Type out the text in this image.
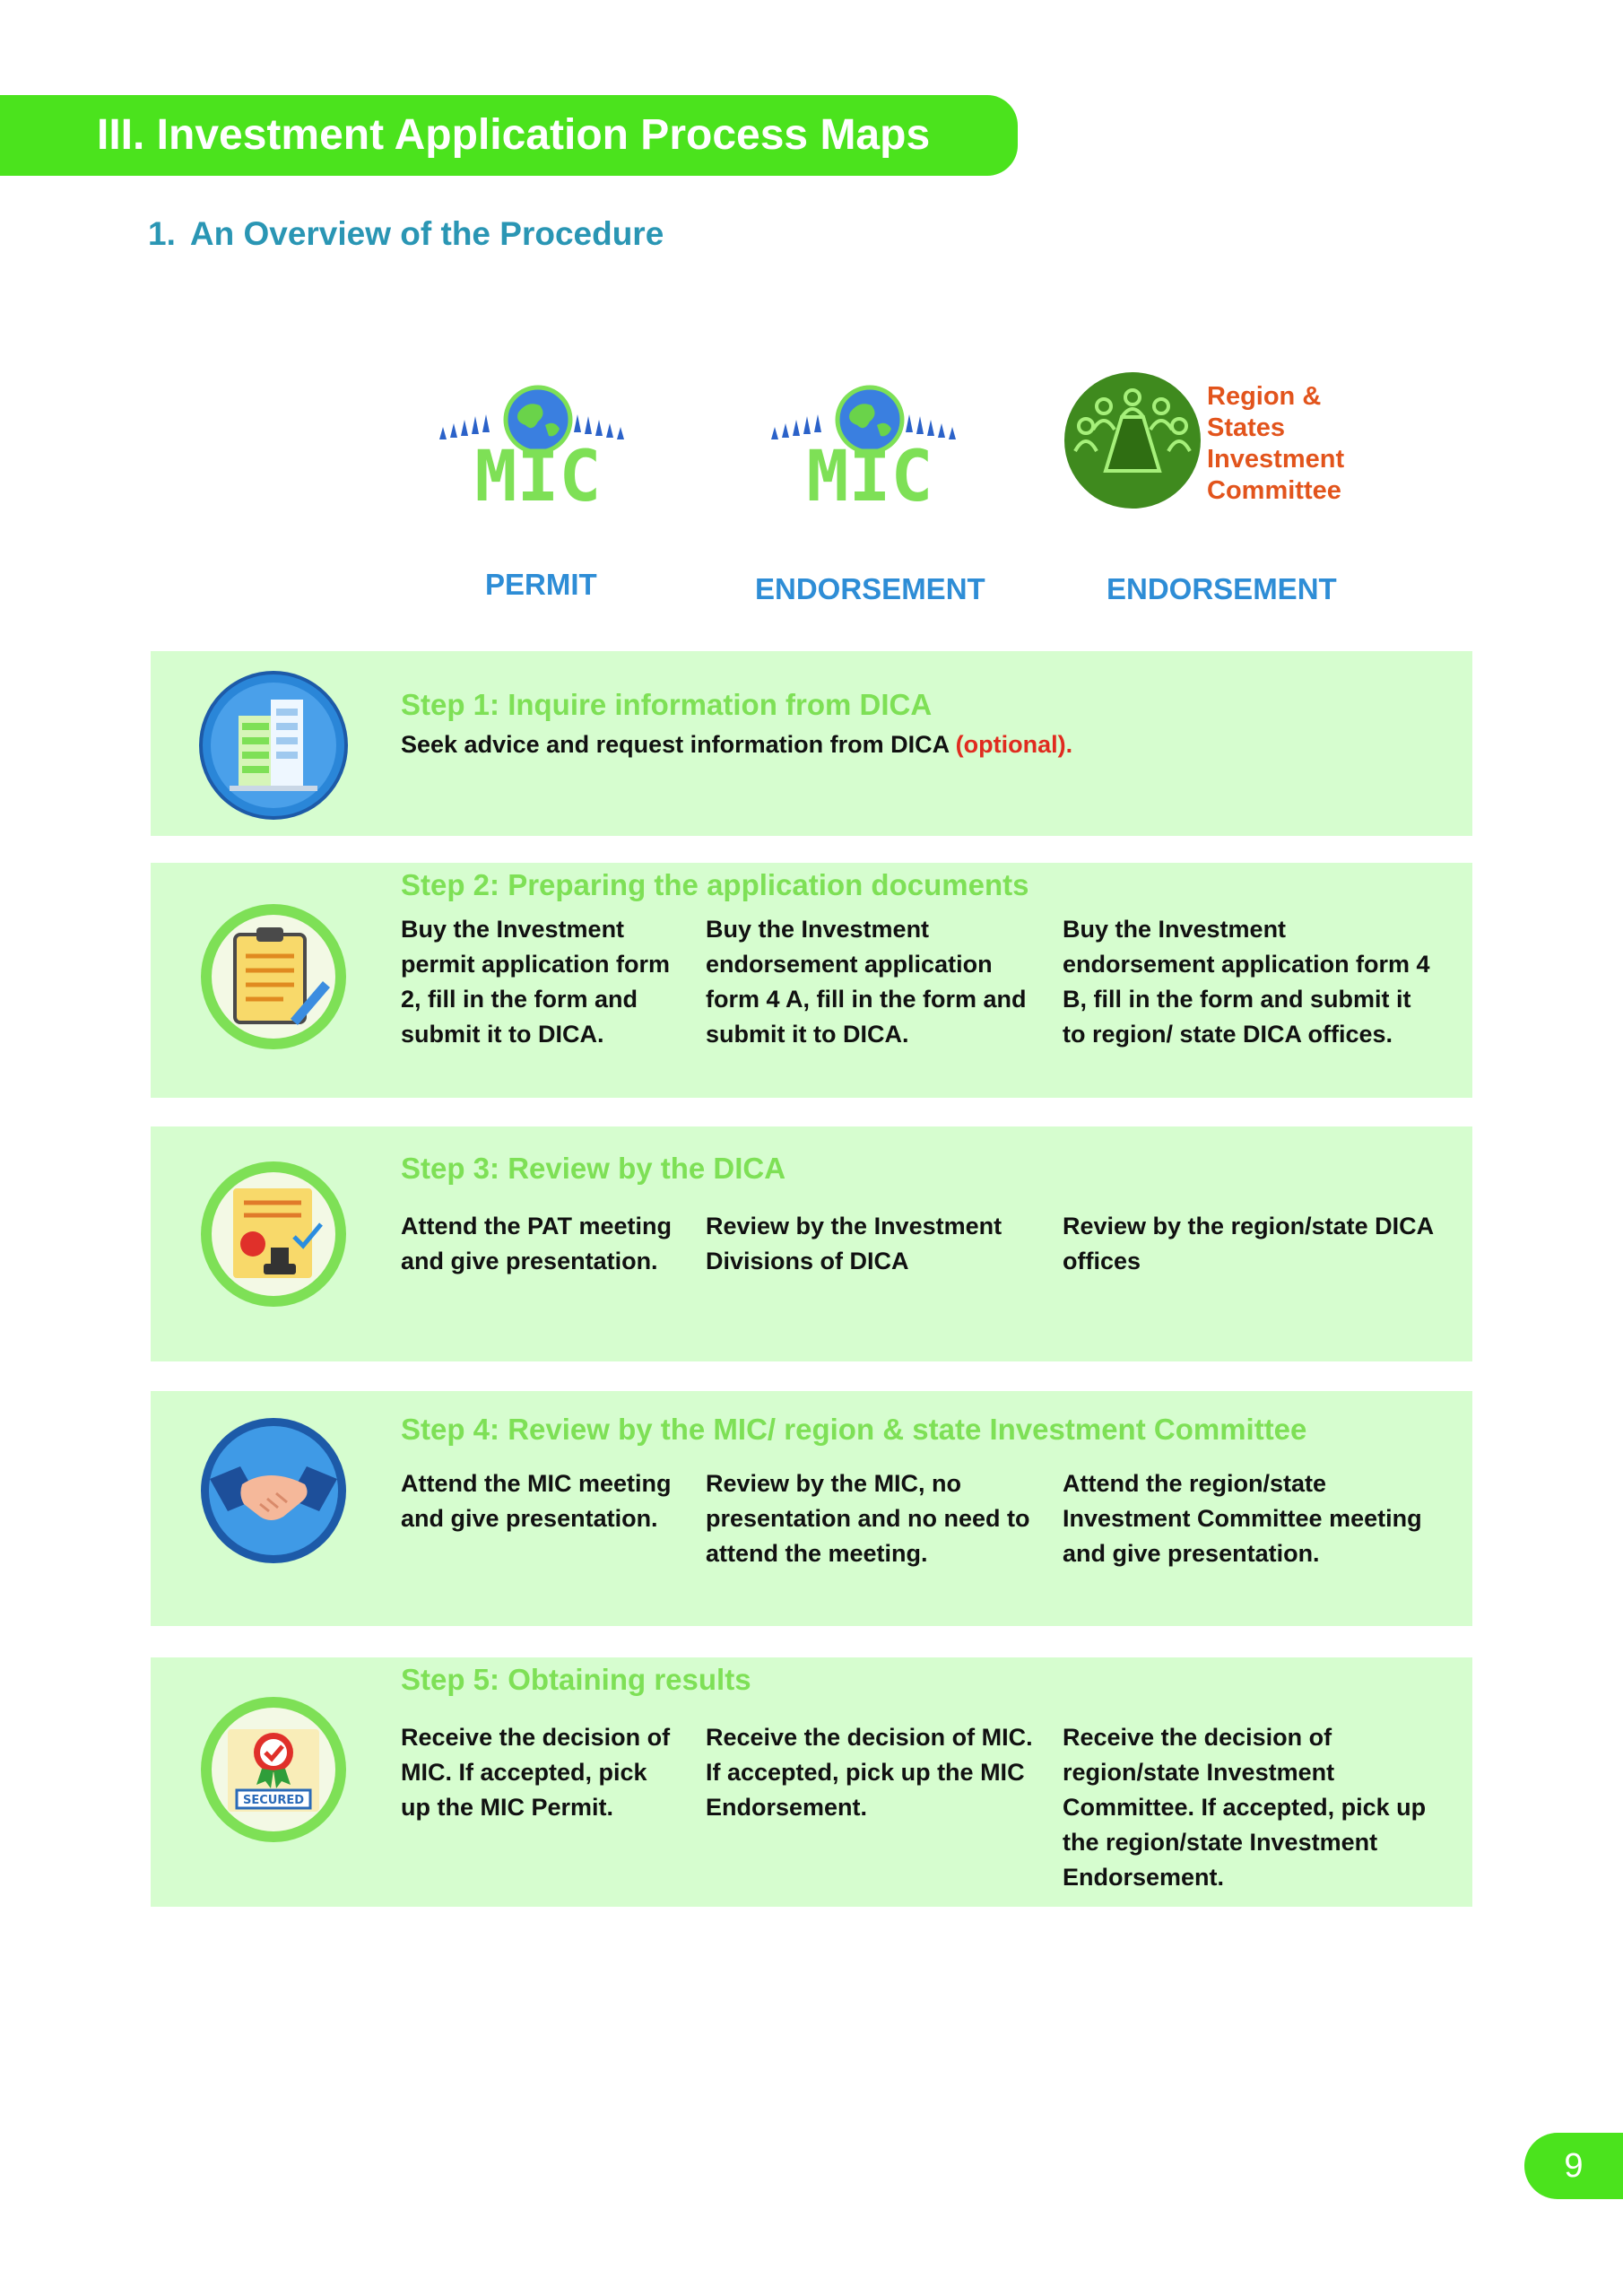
III. Investment Application Process Maps
1. An Overview of the Procedure
MIC	MIC
Region &
States
Investment
Committee
PERMIT	ENDORSEMENT	ENDORSEMENT
Step 1: Inquire information from DICA
Seek advice and request information from DICA (optional).
Step 2: Preparing the application documents
Buy the Investment permit application form 2, fill in the form and submit it to DICA.
Buy the Investment endorsement application form 4 A, fill in the form and submit it to DICA.
Buy the Investment endorsement application form 4 B, fill in the form and submit it to region/ state DICA offices.
Step 3: Review by the DICA
Attend the PAT meeting and give presentation.
Review by the Investment Divisions of DICA
Review by the region/state DICA offices
Step 4: Review by the MIC/ region & state Investment Committee
Attend the MIC meeting and give presentation.
Review by the MIC, no presentation and no need to attend the meeting.
Attend the region/state Investment Committee meeting and give presentation.
SECURED
Step 5: Obtaining results
Receive the decision of MIC. If accepted, pick up the MIC Permit.
Receive the decision of MIC. If accepted, pick up the MIC Endorsement.
Receive the decision of region/state Investment Committee. If accepted, pick up the region/state Investment Endorsement.
9
